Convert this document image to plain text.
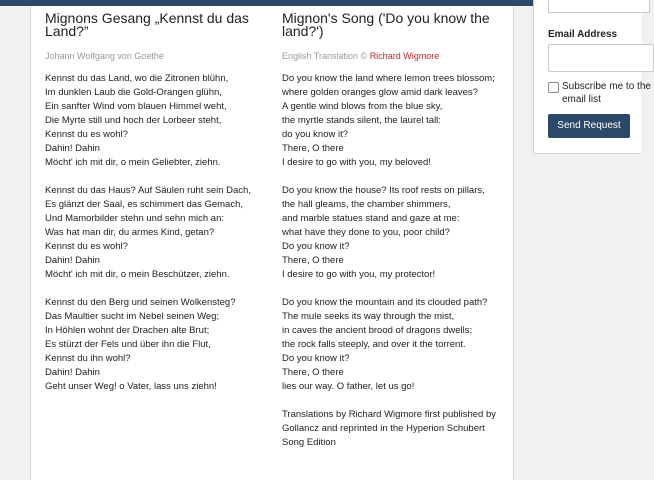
Mignons Gesang „Kennst du das Land?”
Johann Wolfgang von Goethe
Kennst du das Land, wo die Zitronen blühn,
Im dunklen Laub die Gold-Orangen glühn,
Ein sanfter Wind vom blauen Himmel weht,
Die Myrte still und hoch der Lorbeer steht,
Kennst du es wohl?
Dahin! Dahin
Möcht' ich mit dir, o mein Geliebter, ziehn.
Kennst du das Haus? Auf Säulen ruht sein Dach,
Es glänzt der Saal, es schimmert das Gemach,
Und Mamorbilder stehn und sehn mich an:
Was hat man dir, du armes Kind, getan?
Kennst du es wohl?
Dahin! Dahin
Möcht' ich mit dir, o mein Beschützer, ziehn.
Kennst du den Berg und seinen Wolkensteg?
Das Maultier sucht im Nebel seinen Weg;
In Höhlen wohnt der Drachen alte Brut;
Es stürzt der Fels und über ihn die Flut,
Kennst du ihn wohl?
Dahin! Dahin
Geht unser Weg! o Vater, lass uns ziehn!
Mignon's Song ('Do you know the land?')
English Translation © Richard Wigmore
Do you know the land where lemon trees blossom;
where golden oranges glow amid dark leaves?
A gentle wind blows from the blue sky,
the myrtle stands silent, the laurel tall:
do you know it?
There, O there
I desire to go with you, my beloved!
Do you know the house? Its roof rests on pillars,
the hall gleams, the chamber shimmers,
and marble statues stand and gaze at me:
what have they done to you, poor child?
Do you know it?
There, O there
I desire to go with you, my protector!
Do you know the mountain and its clouded path?
The mule seeks its way through the mist,
in caves the ancient brood of dragons dwells;
the rock falls steeply, and over it the torrent.
Do you know it?
There, O there
lies our way. O father, let us go!
Translations by Richard Wigmore first published by Gollancz and reprinted in the Hyperion Schubert Song Edition
Email Address
Subscribe me to the email list
Send Request
